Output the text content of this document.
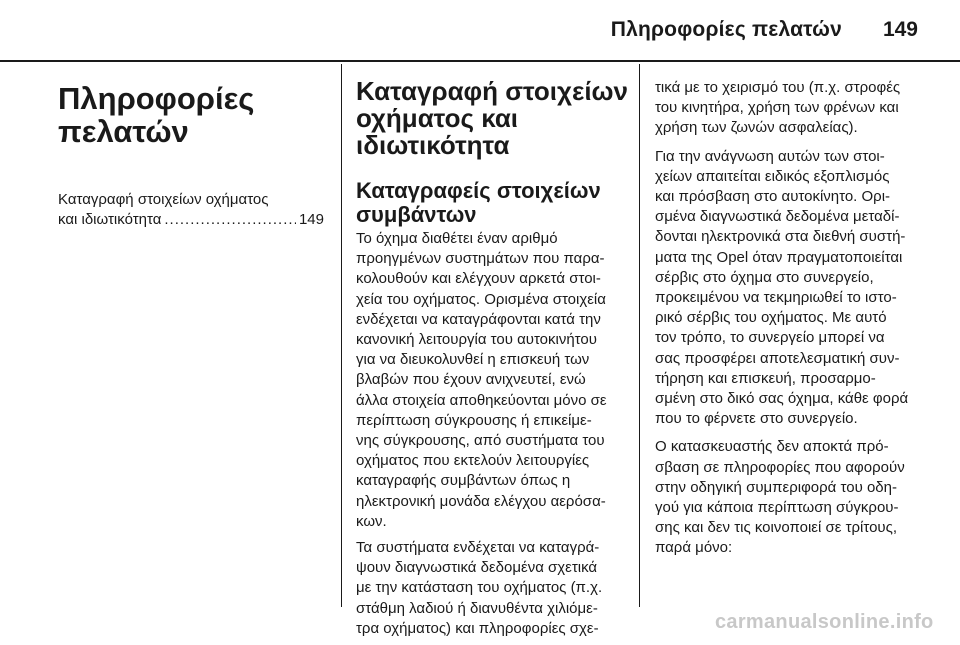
Πληροφορίες πελατών 149
Πληροφορίες
πελατών
Καταγραφή στοιχείων οχήματος
και ιδιωτικότητα
.....	149
Καταγραφή στοιχείων
οχήματος και
ιδιωτικότητα
Καταγραφείς στοιχείων
συμβάντων
Το όχημα διαθέτει έναν αριθμό
προηγμένων συστημάτων που παρα-
κολουθούν και ελέγχουν αρκετά στοι-
χεία του οχήματος. Ορισμένα στοιχεία
ενδέχεται να καταγράφονται κατά την
κανονική λειτουργία του αυτοκινήτου
για να διευκολυνθεί η επισκευή των
βλαβών που έχουν ανιχνευτεί, ενώ
άλλα στοιχεία αποθηκεύονται μόνο σε
περίπτωση σύγκρουσης ή επικείμε-
νης σύγκρουσης, από συστήματα του
οχήματος που εκτελούν λειτουργίες
καταγραφής συμβάντων όπως η
ηλεκτρονική μονάδα ελέγχου αερόσα-
κων.
Τα συστήματα ενδέχεται να καταγρά-
ψουν διαγνωστικά δεδομένα σχετικά
με την κατάσταση του οχήματος (π.χ.
στάθμη λαδιού ή διανυθέντα χιλιόμε-
τρα οχήματος) και πληροφορίες σχε-
τικά με το χειρισμό του (π.χ. στροφές
του κινητήρα, χρήση των φρένων και
χρήση των ζωνών ασφαλείας).
Για την ανάγνωση αυτών των στοι-
χείων απαιτείται ειδικός εξοπλισμός
και πρόσβαση στο αυτοκίνητο. Ορι-
σμένα διαγνωστικά δεδομένα μεταδί-
δονται ηλεκτρονικά στα διεθνή συστή-
ματα της Opel όταν πραγματοποιείται
σέρβις στο όχημα στο συνεργείο,
προκειμένου να τεκμηριωθεί το ιστο-
ρικό σέρβις του οχήματος. Με αυτό
τον τρόπο, το συνεργείο μπορεί να
σας προσφέρει αποτελεσματική συν-
τήρηση και επισκευή, προσαρμο-
σμένη στο δικό σας όχημα, κάθε φορά
που το φέρνετε στο συνεργείο.
Ο κατασκευαστής δεν αποκτά πρό-
σβαση σε πληροφορίες που αφορούν
στην οδηγική συμπεριφορά του οδη-
γού για κάποια περίπτωση σύγκρου-
σης και δεν τις κοινοποιεί σε τρίτους,
παρά μόνο:
carmanualsonline.info
